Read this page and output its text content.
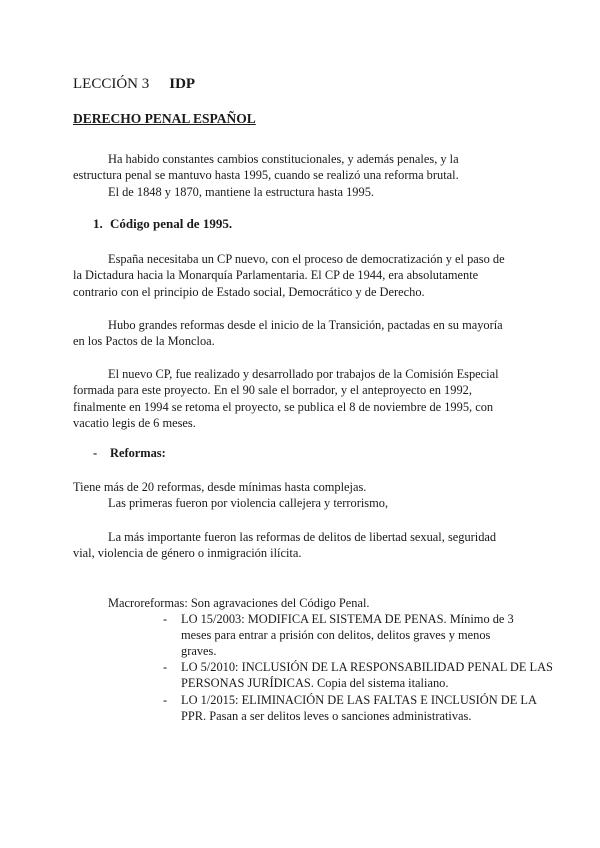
LECCIÓN 3 IDP
DERECHO PENAL ESPAÑOL
Ha habido constantes cambios constitucionales, y además penales, y la
estructura penal se mantuvo hasta 1995, cuando se realizó una reforma brutal.
El de 1848 y 1870, mantiene la estructura hasta 1995.
1. Código penal de 1995.
España necesitaba un CP nuevo, con el proceso de democratización y el paso de
la Dictadura hacia la Monarquía Parlamentaria. El CP de 1944, era absolutamente
contrario con el principio de Estado social, Democrático y de Derecho.
Hubo grandes reformas desde el inicio de la Transición, pactadas en su mayoría
en los Pactos de la Moncloa.
El nuevo CP, fue realizado y desarrollado por trabajos de la Comisión Especial
formada para este proyecto. En el 90 sale el borrador, y el anteproyecto en 1992,
finalmente en 1994 se retoma el proyecto, se publica el 8 de noviembre de 1995, con
vacatio legis de 6 meses.
- Reformas:
Tiene más de 20 reformas, desde mínimas hasta complejas.
Las primeras fueron por violencia callejera y terrorismo,
La más importante fueron las reformas de delitos de libertad sexual, seguridad
vial, violencia de género o inmigración ilícita.
Macroreformas: Son agravaciones del Código Penal.
- LO 15/2003: MODIFICA EL SISTEMA DE PENAS. Mínimo de 3
meses para entrar a prisión con delitos, delitos graves y menos
graves.
- LO 5/2010: INCLUSIÓN DE LA RESPONSABILIDAD PENAL DE LAS
PERSONAS JURÍDICAS. Copia del sistema italiano.
- LO 1/2015: ELIMINACIÓN DE LAS FALTAS E INCLUSIÓN DE LA
PPR. Pasan a ser delitos leves o sanciones administrativas.
